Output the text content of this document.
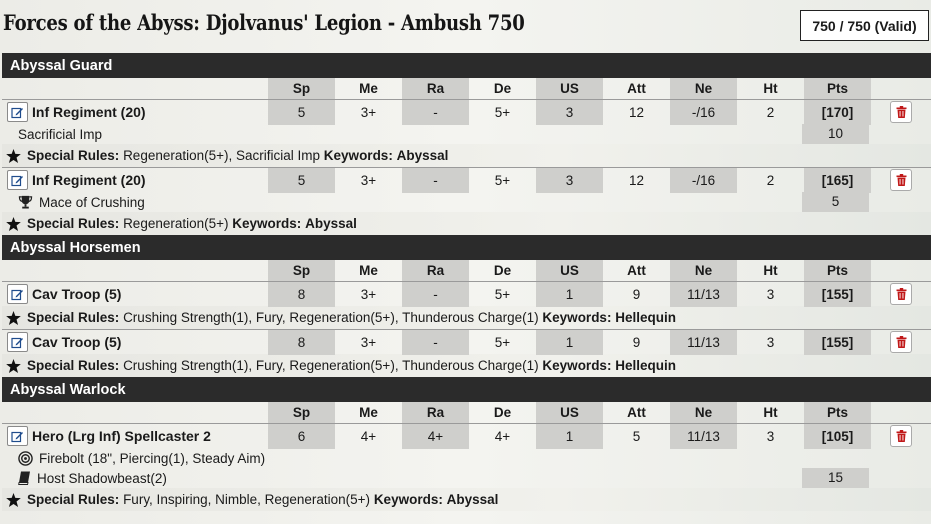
Forces of the Abyss: Djolvanus' Legion - Ambush 750	750 / 750 (Valid)
Abyssal Guard
Sp	Me	Ra	De	US	Att	Ne	Ht	Pts
Inf Regiment (20)	5	3+	-	5+	3	12	-/16	2	[170]
Sacrificial Imp	10
Special Rules:
Regeneration(5+), Sacrificial Imp
Keywords:
Abyssal
Inf Regiment (20)	5	3+	-	5+	3	12	-/16	2	[165]
Mace of Crushing	5
Special Rules:
Regeneration(5+)
Keywords:
Abyssal
Abyssal Horsemen
Sp	Me	Ra	De	US	Att	Ne	Ht	Pts
Cav Troop (5)	8	3+	-	5+	1	9	11/13	3	[155]
Special Rules:
Crushing Strength(1), Fury, Regeneration(5+), Thunderous Charge(1)
Keywords:
Hellequin
Cav Troop (5)	8	3+	-	5+	1	9	11/13	3	[155]
Special Rules:
Crushing Strength(1), Fury, Regeneration(5+), Thunderous Charge(1)
Keywords:
Hellequin
Abyssal Warlock
Sp	Me	Ra	De	US	Att	Ne	Ht	Pts
Hero (Lrg Inf) Spellcaster 2	6	4+	4+	4+	1	5	11/13	3	[105]
Firebolt (18", Piercing(1), Steady Aim)
Host Shadowbeast(2)	15
Special Rules:
Fury, Inspiring, Nimble, Regeneration(5+)
Keywords:
Abyssal
